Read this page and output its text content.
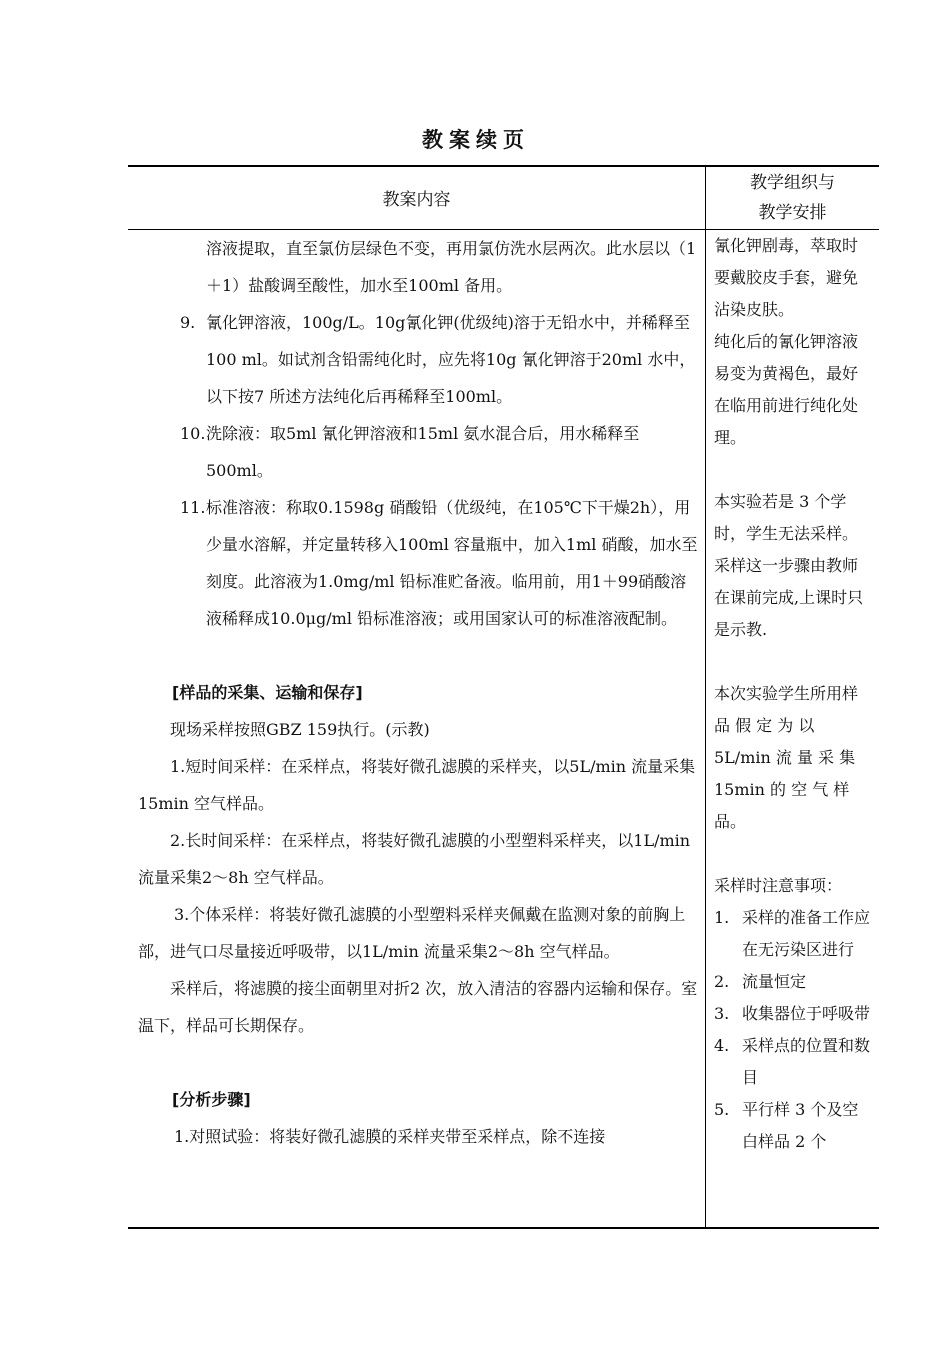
教案续页
教案内容
教学组织与
教学安排

溶液提取，直至氯仿层绿色不变，再用氯仿洗水层两次。此水层以（1＋1）盐酸调至酸性，加水至100ml 备用。

9. 氰化钾溶液，100g/L。10g氰化钾(优级纯)溶于无铅水中，并稀释至100 ml。如试剂含铅需纯化时，应先将10g 氰化钾溶于20ml 水中，以下按7 所述方法纯化后再稀释至100ml。
10. 洗除液：取5ml 氰化钾溶液和15ml 氨水混合后，用水稀释至500ml。
11. 标准溶液：称取0.1598g 硝酸铅（优级纯，在105℃下干燥2h），用少量水溶解，并定量转移入100ml 容量瓶中，加入1ml 硝酸，加水至刻度。此溶液为1.0mg/ml 铅标准贮备液。临用前，用1＋99硝酸溶液稀释成10.0μg/ml 铅标准溶液；或用国家认可的标准溶液配制。

[样品的采集、运输和保存]

现场采样按照GBZ 159执行。(示教)

1.短时间采样：在采样点，将装好微孔滤膜的采样夹，以5L/min 流量采集15min 空气样品。

2.长时间采样：在采样点，将装好微孔滤膜的小型塑料采样夹，以1L/min 流量采集2～8h 空气样品。

3.个体采样：将装好微孔滤膜的小型塑料采样夹佩戴在监测对象的前胸上部，进气口尽量接近呼吸带，以1L/min 流量采集2～8h 空气样品。

采样后，将滤膜的接尘面朝里对折2 次，放入清洁的容器内运输和保存。室温下，样品可长期保存。

[分析步骤]

1.对照试验：将装好微孔滤膜的采样夹带至采样点，除不连接

氰化钾剧毒，萃取时要戴胶皮手套，避免沾染皮肤。

纯化后的氰化钾溶液易变为黄褐色，最好在临用前进行纯化处理。

本实验若是 3 个学时，学生无法采样。采样这一步骤由教师在课前完成,上课时只是示教.

本次实验学生所用样 品 假 定 为 以 5L/min 流 量 采 集 15min 的 空 气 样 品。

采样时注意事项：

1. 采样的准备工作应在无污染区进行
2. 流量恒定
3. 收集器位于呼吸带
4. 采样点的位置和数目
5. 平行样 3 个及空白样品 2 个
